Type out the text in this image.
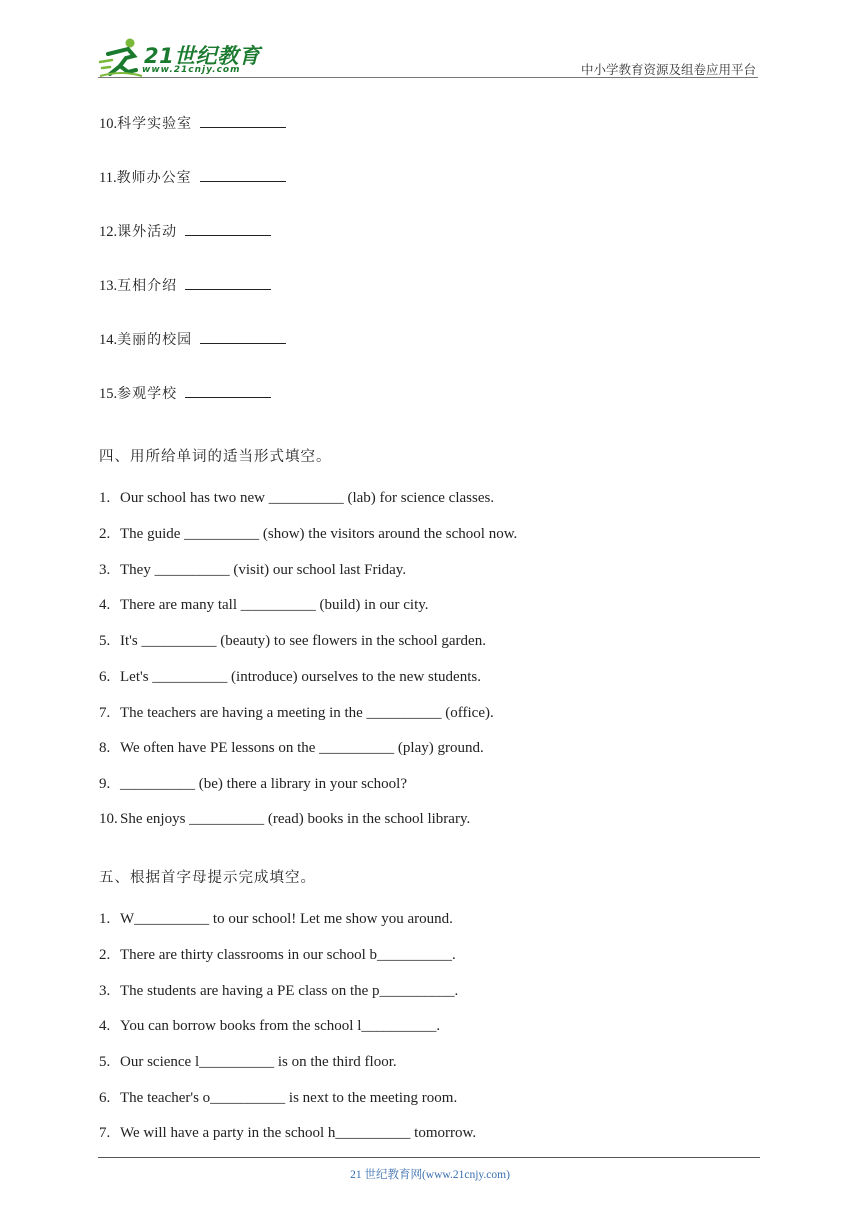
21世纪教育
www.21cnjy.com	中小学教育资源及组卷应用平台
10.科学实验室
11.教师办公室
12.课外活动
13.互相介绍
14.美丽的校园
15.参观学校
四、用所给单词的适当形式填空。
1. Our school has two new __________ (lab) for science classes.
2. The guide __________ (show) the visitors around the school now.
3. They __________ (visit) our school last Friday.
4. There are many tall __________ (build) in our city.
5. It's __________ (beauty) to see flowers in the school garden.
6. Let's __________ (introduce) ourselves to the new students.
7. The teachers are having a meeting in the __________ (office).
8. We often have PE lessons on the __________ (play) ground.
9. __________ (be) there a library in your school?
10. She enjoys __________ (read) books in the school library.
五、根据首字母提示完成填空。
1. W__________ to our school! Let me show you around.
2. There are thirty classrooms in our school b__________.
3. The students are having a PE class on the p__________.
4. You can borrow books from the school l__________.
5. Our science l__________ is on the third floor.
6. The teacher's o__________ is next to the meeting room.
7. We will have a party in the school h__________ tomorrow.
21 世纪教育网(www.21cnjy.com)
